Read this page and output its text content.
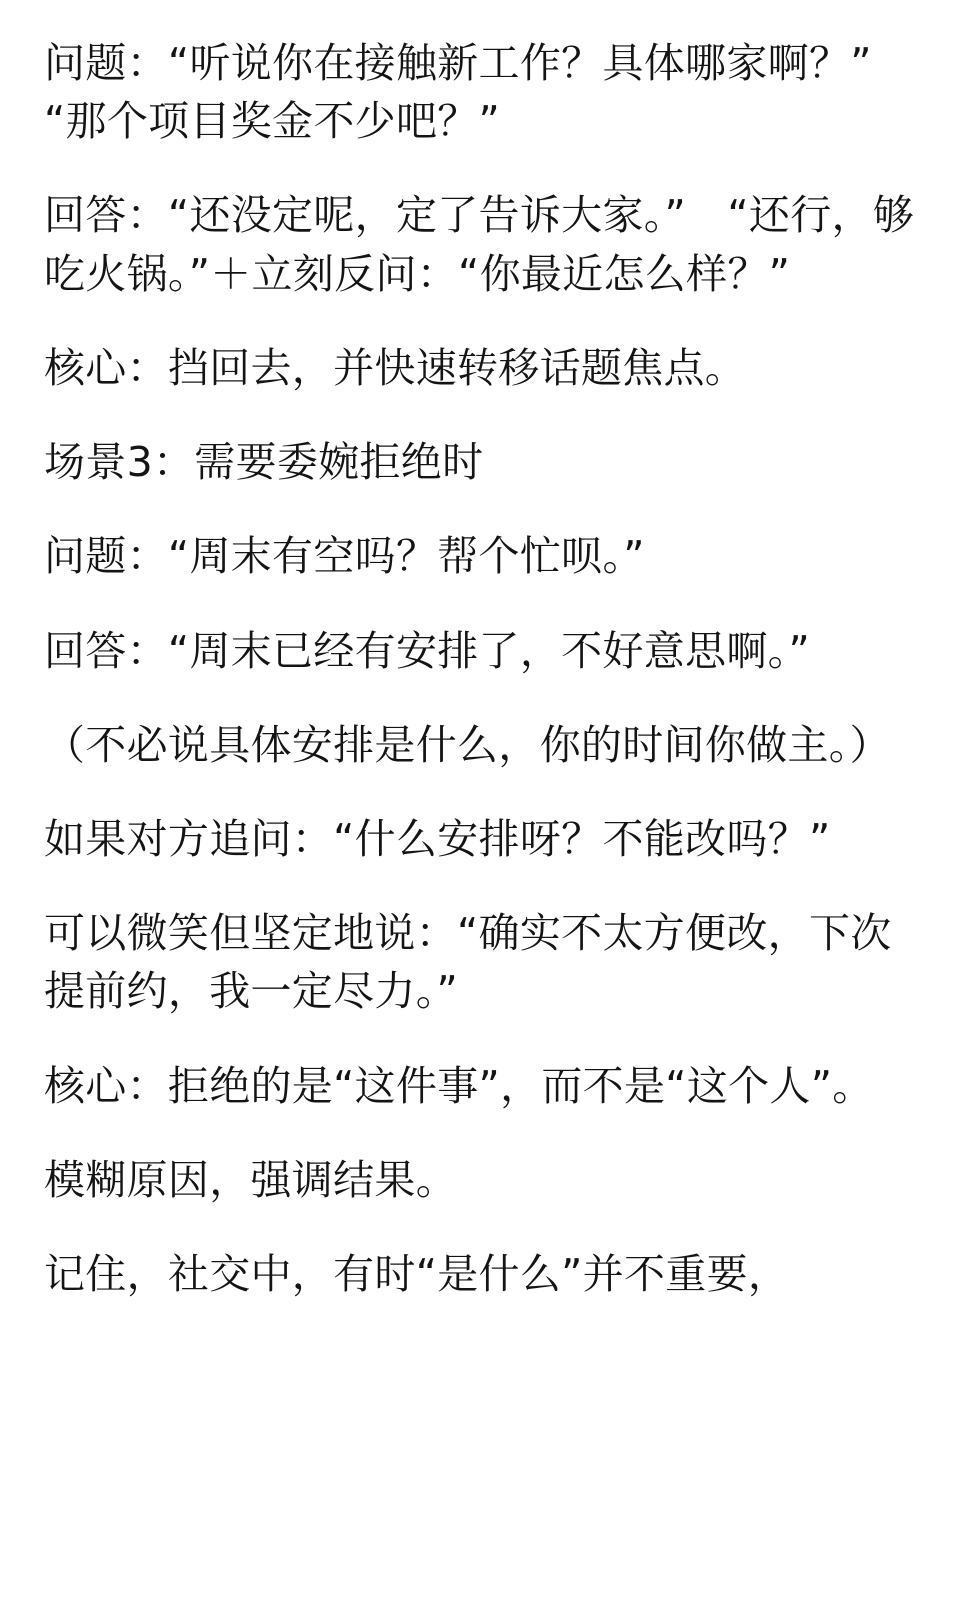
问题：“听说你在接触新工作？具体哪家啊？”“那个项目奖金不少吧？”

回答：“还没定呢，定了告诉大家。”　“还行，够吃火锅。”＋立刻反问：“你最近怎么样？”

核心：挡回去，并快速转移话题焦点。

场景3：需要委婉拒绝时

问题：“周末有空吗？帮个忙呗。”

回答：“周末已经有安排了，不好意思啊。”

（不必说具体安排是什么，你的时间你做主。）

如果对方追问：“什么安排呀？不能改吗？”

可以微笑但坚定地说：“确实不太方便改，下次提前约，我一定尽力。”

核心：拒绝的是“这件事”，而不是“这个人”。

模糊原因，强调结果。

记住，社交中，有时“是什么”并不重要，
